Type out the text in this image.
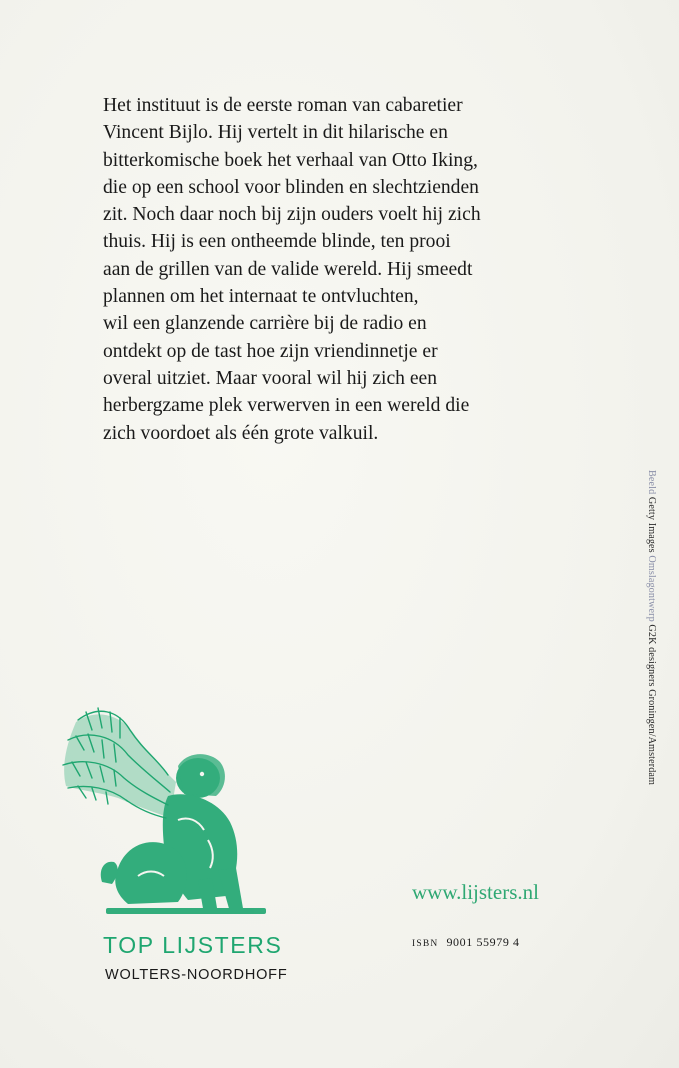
Het instituut is de eerste roman van cabaretier
Vincent Bijlo. Hij vertelt in dit hilarische en
bitterkomische boek het verhaal van Otto Iking,
die op een school voor blinden en slechtzienden
zit. Noch daar noch bij zijn ouders voelt hij zich
thuis. Hij is een ontheemde blinde, ten prooi
aan de grillen van de valide wereld. Hij smeedt
plannen om het internaat te ontvluchten,
wil een glanzende carrière bij de radio en
ontdekt op de tast hoe zijn vriendinnetje er
overal uitziet. Maar vooral wil hij zich een
herbergzame plek verwerven in een wereld die
zich voordoet als één grote valkuil.
Beeld Getty Images Omslagontwerp G2K designers Groningen/Amsterdam
TOP LIJSTERS
WOLTERS-NOORDHOFF
www.lijsters.nl
ISBN 9001 55979 4
